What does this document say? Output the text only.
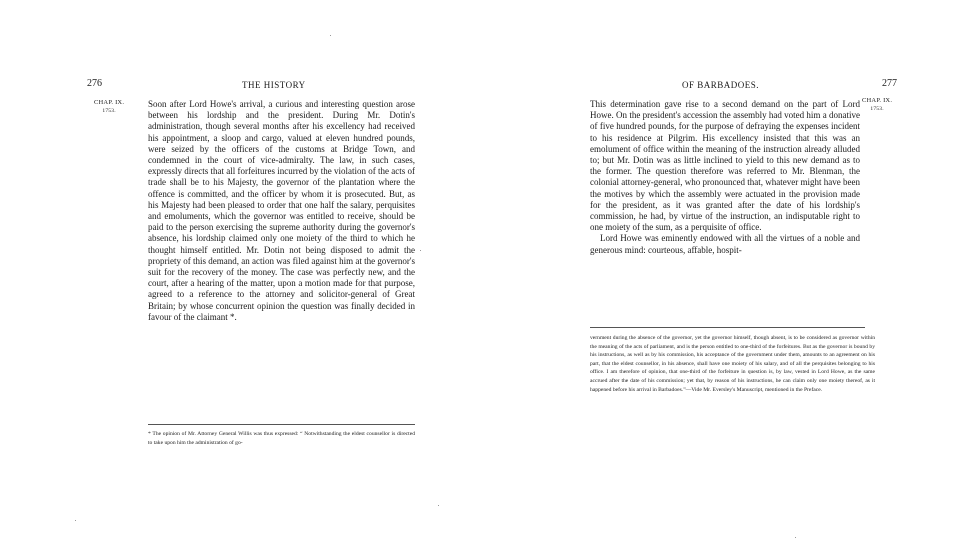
276	THE HISTORY
CHAP. IX.
1753.

Soon after Lord Howe's arrival, a curious and interesting question arose between his lordship and the president. During Mr. Dotin's administration, though several months after his excellency had received his appointment, a sloop and cargo, valued at eleven hundred pounds, were seized by the officers of the customs at Bridge Town, and condemned in the court of vice-admiralty. The law, in such cases, expressly directs that all forfeitures incurred by the violation of the acts of trade shall be to his Majesty, the governor of the plantation where the offence is committed, and the officer by whom it is prosecuted. But, as his Majesty had been pleased to order that one half the salary, perquisites and emoluments, which the governor was entitled to receive, should be paid to the person exercising the supreme authority during the governor's absence, his lordship claimed only one moiety of the third to which he thought himself entitled. Mr. Dotin not being disposed to admit the propriety of this demand, an action was filed against him at the governor's suit for the recovery of the money. The case was perfectly new, and the court, after a hearing of the matter, upon a motion made for that purpose, agreed to a reference to the attorney and solicitor-general of Great Britain; by whose concurrent opinion the question was finally decided in favour of the claimant *.

* The opinion of Mr. Attorney General Willis was thus expressed: “ Notwithstanding the eldest counsellor is directed to take upon him the administration of go-

OF BARBADOES.	277
CHAP. IX.
1753.

This determination gave rise to a second demand on the part of Lord Howe. On the president's accession the assembly had voted him a donative of five hundred pounds, for the purpose of defraying the expenses incident to his residence at Pilgrim. His excellency insisted that this was an emolument of office within the meaning of the instruction already alluded to; but Mr. Dotin was as little inclined to yield to this new demand as to the former. The question therefore was referred to Mr. Blenman, the colonial attorney-general, who pronounced that, whatever might have been the motives by which the assembly were actuated in the provision made for the president, as it was granted after the date of his lordship's commission, he had, by virtue of the instruction, an indisputable right to one moiety of the sum, as a perquisite of office.

Lord Howe was eminently endowed with all the virtues of a noble and generous mind: courteous, affable, hospit-

vernment during the absence of the governor, yet the governor himself, though absent, is to be considered as governor within the meaning of the acts of parliament, and is the person entitled to one-third of the forfeitures. But as the governor is bound by his instructions, as well as by his commission, his acceptance of the government under them, amounts to an agreement on his part, that the eldest counsellor, in his absence, shall have one moiety of his salary, and of all the perquisites belonging to his office. I am therefore of opinion, that one-third of the forfeiture in question is, by law, vested in Lord Howe, as the same accrued after the date of his commission; yet that, by reason of his instructions, he can claim only one moiety thereof, as it happened before his arrival in Barbadoes.”—Vide Mr. Eversley's Manuscript, mentioned in the Preface.
